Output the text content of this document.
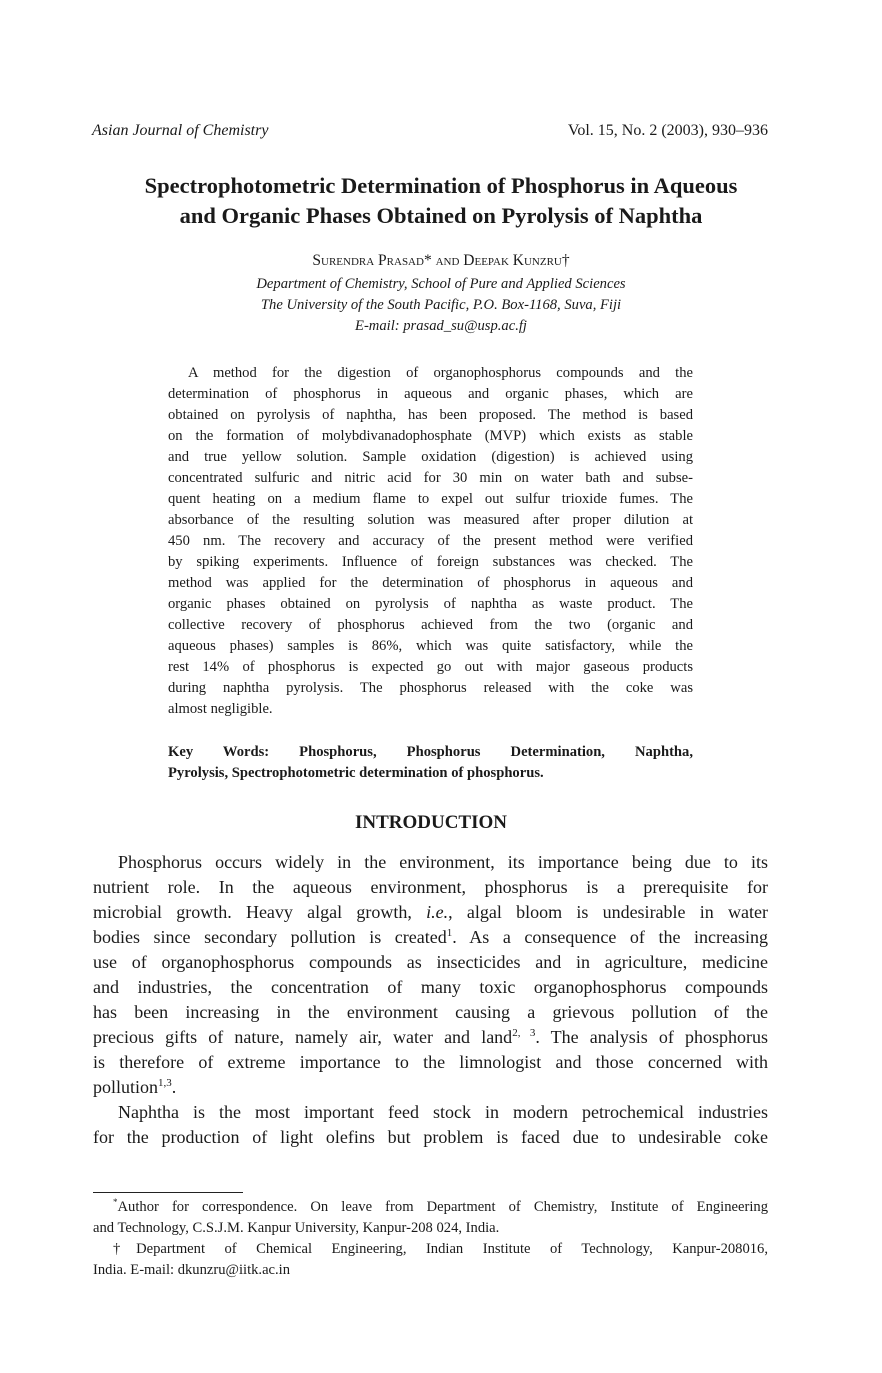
Asian Journal of Chemistry	Vol. 15, No. 2 (2003), 930–936
Spectrophotometric Determination of Phosphorus in Aqueous
and Organic Phases Obtained on Pyrolysis of Naphtha
Surendra Prasad* and Deepak Kunzru†
Department of Chemistry, School of Pure and Applied Sciences
The University of the South Pacific, P.O. Box-1168, Suva, Fiji
E-mail: prasad_su@usp.ac.fj
A method for the digestion of organophosphorus compounds and the
determination of phosphorus in aqueous and organic phases, which are
obtained on pyrolysis of naphtha, has been proposed. The method is based
on the formation of molybdivanadophosphate (MVP) which exists as stable
and true yellow solution. Sample oxidation (digestion) is achieved using
concentrated sulfuric and nitric acid for 30 min on water bath and subse-
quent heating on a medium flame to expel out sulfur trioxide fumes. The
absorbance of the resulting solution was measured after proper dilution at
450 nm. The recovery and accuracy of the present method were verified
by spiking experiments. Influence of foreign substances was checked. The
method was applied for the determination of phosphorus in aqueous and
organic phases obtained on pyrolysis of naphtha as waste product. The
collective recovery of phosphorus achieved from the two (organic and
aqueous phases) samples is 86%, which was quite satisfactory, while the
rest 14% of phosphorus is expected go out with major gaseous products
during naphtha pyrolysis. The phosphorus released with the coke was
almost negligible.
Key Words: Phosphorus, Phosphorus Determination, Naphtha,
Pyrolysis, Spectrophotometric determination of phosphorus.
INTRODUCTION
Phosphorus occurs widely in the environment, its importance being due to its
nutrient role. In the aqueous environment, phosphorus is a prerequisite for
microbial growth. Heavy algal growth, i.e., algal bloom is undesirable in water
bodies since secondary pollution is created$^1$. As a consequence of the increasing
use of organophosphorus compounds as insecticides and in agriculture, medicine
and industries, the concentration of many toxic organophosphorus compounds
has been increasing in the environment causing a grievous pollution of the
precious gifts of nature, namely air, water and land$^{2, 3}$. The analysis of phosphorus
is therefore of extreme importance to the limnologist and those concerned with
pollution$^{1,3}$.
Naphtha is the most important feed stock in modern petrochemical industries
for the production of light olefins but problem is faced due to undesirable coke
*Author for correspondence. On leave from Department of Chemistry, Institute of Engineering
and Technology, C.S.J.M. Kanpur University, Kanpur-208 024, India.
†Department of Chemical Engineering, Indian Institute of Technology, Kanpur-208016,
India. E-mail: dkunzru@iitk.ac.in
